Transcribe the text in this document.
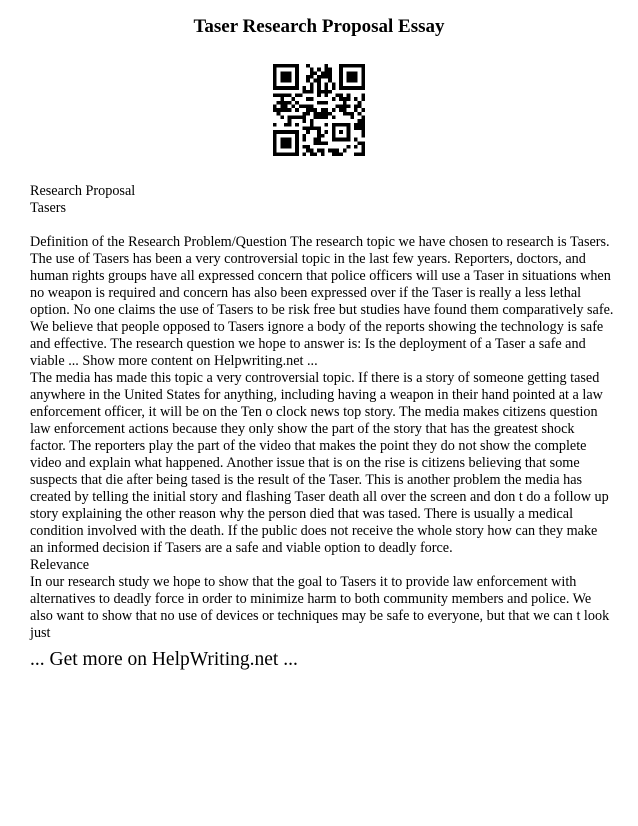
Taser Research Proposal Essay
Research Proposal
Tasers
Definition of the Research Problem/Question The research topic we have chosen to research is Tasers.
The use of Tasers has been a very controversial topic in the last few years. Reporters, doctors, and
human rights groups have all expressed concern that police officers will use a Taser in situations when
no weapon is required and concern has also been expressed over if the Taser is really a less lethal
option. No one claims the use of Tasers to be risk free but studies have found them comparatively safe.
We believe that people opposed to Tasers ignore a body of the reports showing the technology is safe
and effective. The research question we hope to answer is: Is the deployment of a Taser a safe and
viable ... Show more content on Helpwriting.net ...
The media has made this topic a very controversial topic. If there is a story of someone getting tased
anywhere in the United States for anything, including having a weapon in their hand pointed at a law
enforcement officer, it will be on the Ten o clock news top story. The media makes citizens question
law enforcement actions because they only show the part of the story that has the greatest shock
factor. The reporters play the part of the video that makes the point they do not show the complete
video and explain what happened. Another issue that is on the rise is citizens believing that some
suspects that die after being tased is the result of the Taser. This is another problem the media has
created by telling the initial story and flashing Taser death all over the screen and don t do a follow up
story explaining the other reason why the person died that was tased. There is usually a medical
condition involved with the death. If the public does not receive the whole story how can they make
an informed decision if Tasers are a safe and viable option to deadly force.
Relevance
In our research study we hope to show that the goal to Tasers it to provide law enforcement with
alternatives to deadly force in order to minimize harm to both community members and police. We
also want to show that no use of devices or techniques may be safe to everyone, but that we can t look
just
... Get more on HelpWriting.net ...
